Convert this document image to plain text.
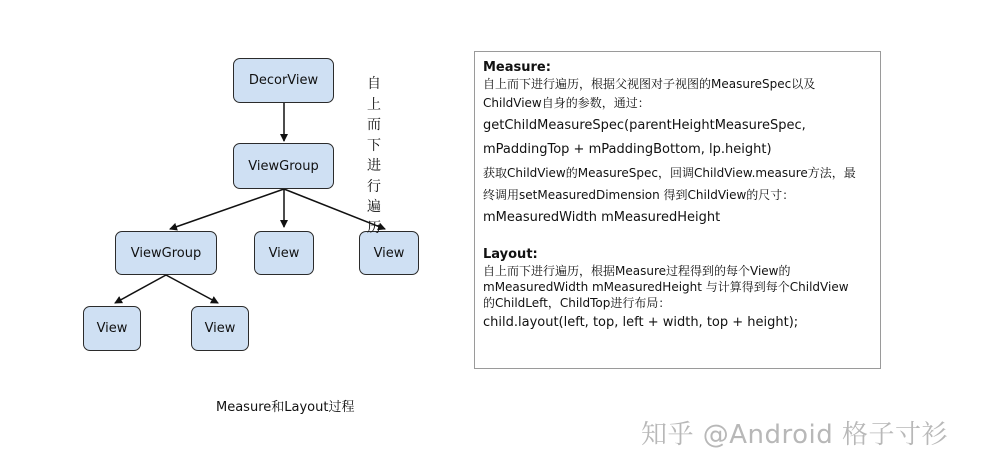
DecorView
ViewGroup
ViewGroup	View	View
View	View
自
上
而
下
进
行
遍
历
Measure和Layout过程
Measure:
自上而下进行遍历，根据父视图对子视图的MeasureSpec以及
ChildView自身的参数，通过：
getChildMeasureSpec(parentHeightMeasureSpec,
mPaddingTop + mPaddingBottom, lp.height)
获取ChildView的MeasureSpec，回调ChildView.measure方法，最
终调用setMeasuredDimension 得到ChildView的尺寸：
mMeasuredWidth mMeasuredHeight
Layout:
自上而下进行遍历，根据Measure过程得到的每个View的
mMeasuredWidth mMeasuredHeight 与计算得到每个ChildView
的ChildLeft，ChildTop进行布局：
child.layout(left, top, left + width, top + height);
知乎 @Android 格子寸衫
